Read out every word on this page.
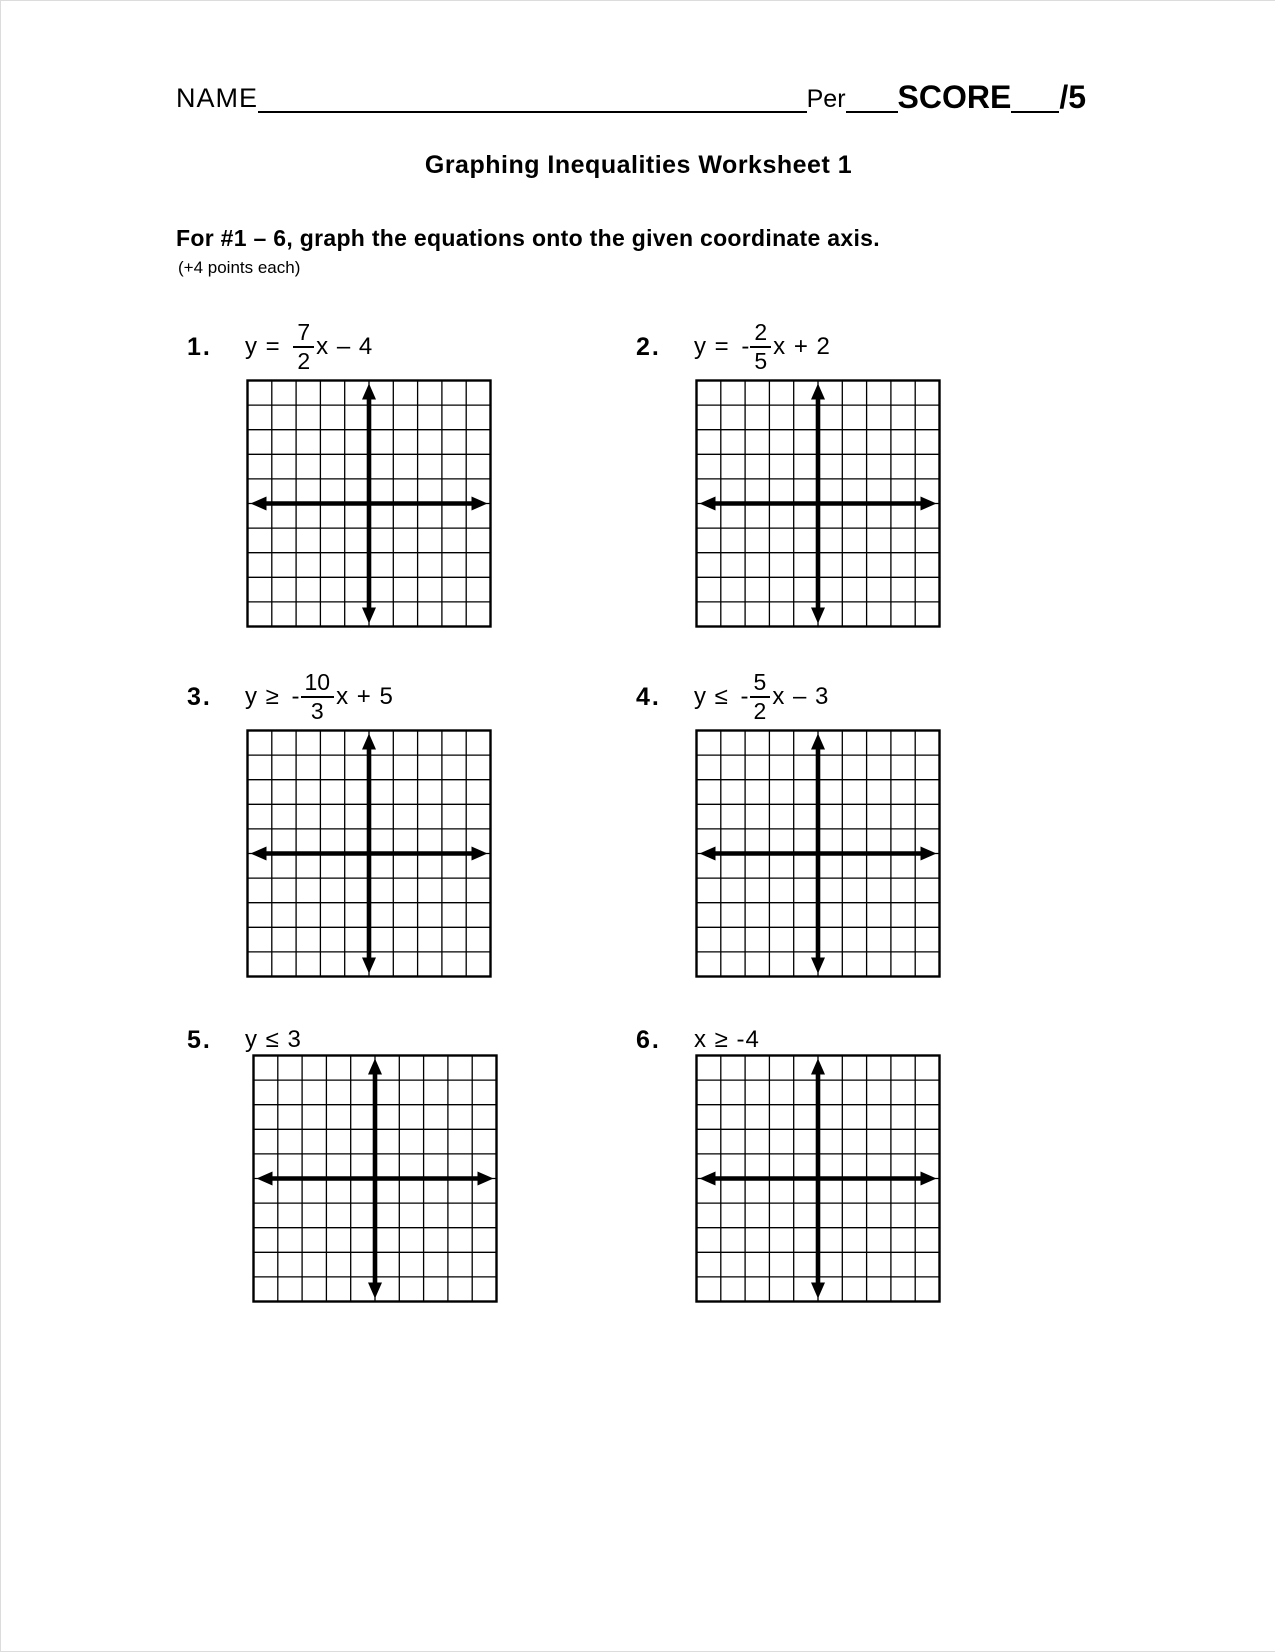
NAME	Per SCORE /5
Graphing Inequalities Worksheet 1
For #1 – 6, graph the equations onto the given coordinate axis.
(+4 points each)
1.	$y = \frac{7}{2}$ x – 4	2.	y = - $\frac{2}{5}$ x + 2
3.	y ≥ - $\frac{10}{3}$ x + 5	4.	y ≤ - $\frac{5}{2}$ x – 3
5.	y ≤ 3	6.	x ≥ -4
